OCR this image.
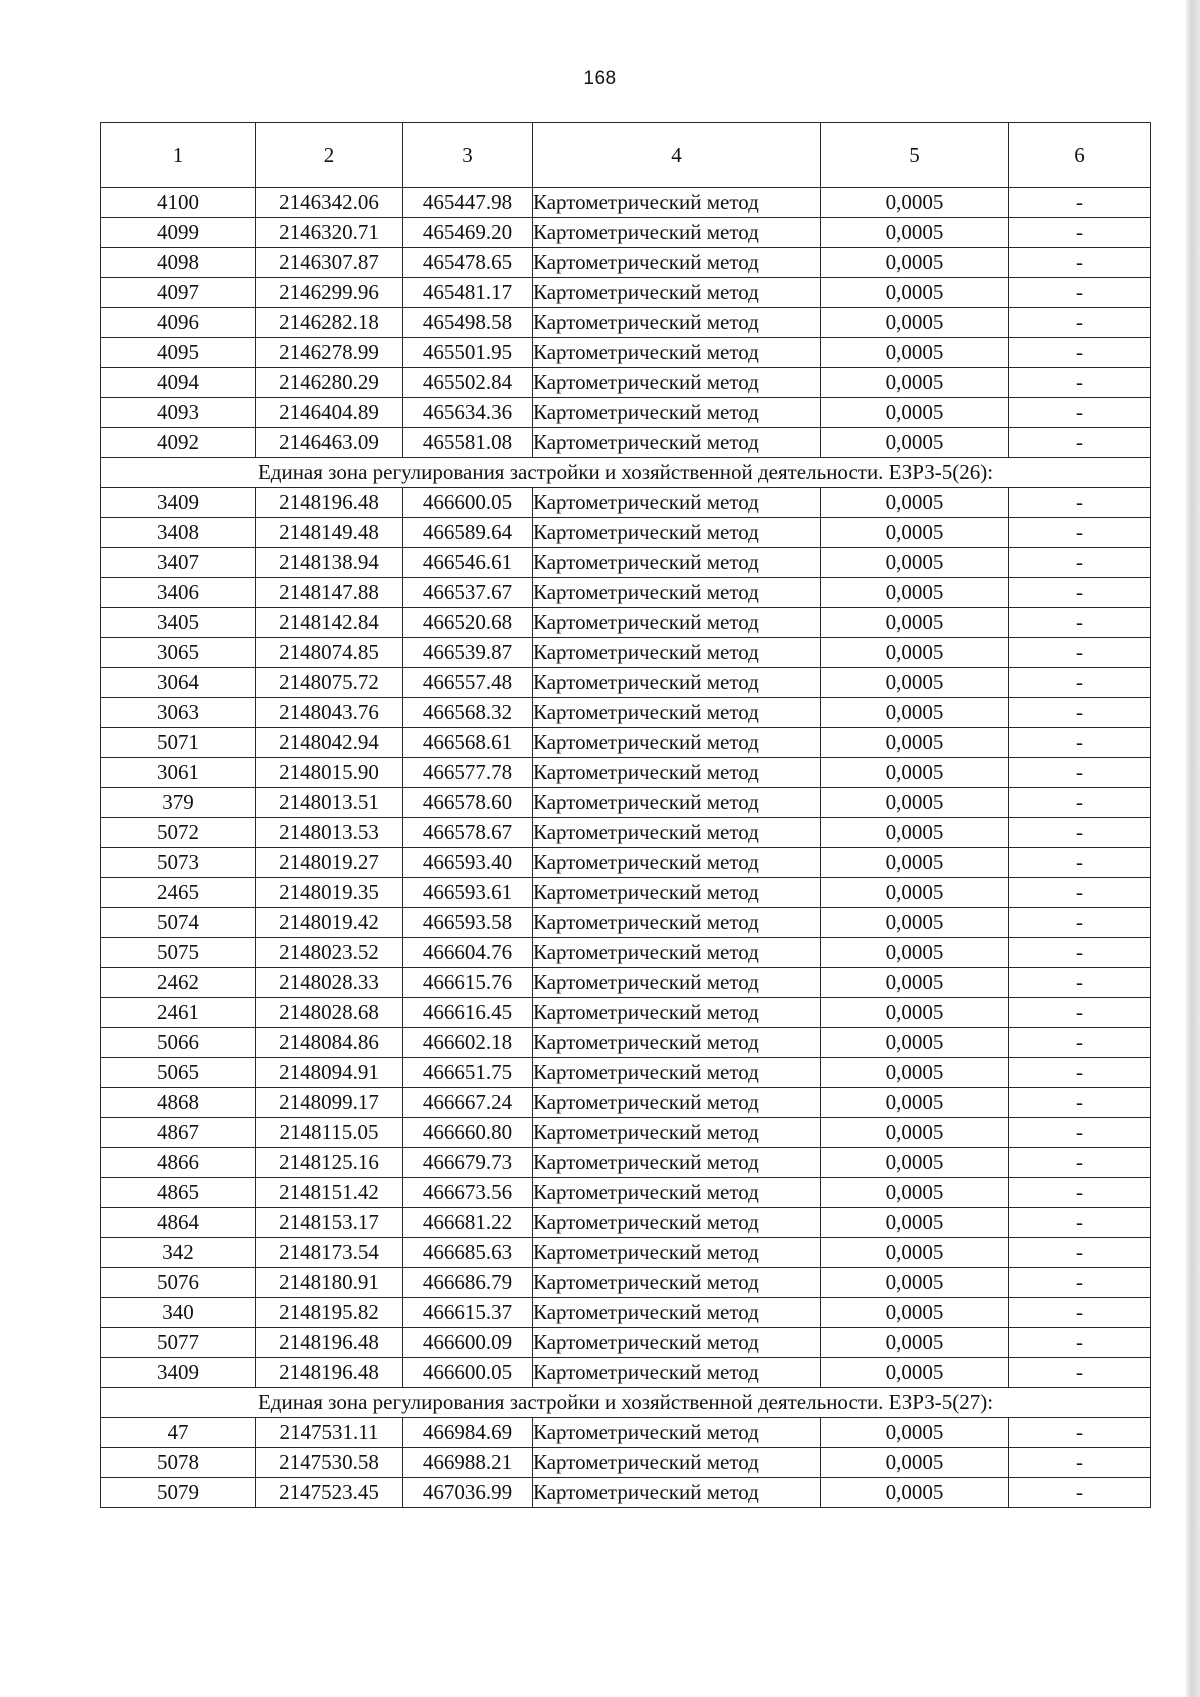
168
1	2	3	4	5	6
4100	2146342.06	465447.98	Картометрический метод	0,0005	-
4099	2146320.71	465469.20	Картометрический метод	0,0005	-
4098	2146307.87	465478.65	Картометрический метод	0,0005	-
4097	2146299.96	465481.17	Картометрический метод	0,0005	-
4096	2146282.18	465498.58	Картометрический метод	0,0005	-
4095	2146278.99	465501.95	Картометрический метод	0,0005	-
4094	2146280.29	465502.84	Картометрический метод	0,0005	-
4093	2146404.89	465634.36	Картометрический метод	0,0005	-
4092	2146463.09	465581.08	Картометрический метод	0,0005	-
Единая зона регулирования застройки и хозяйственной деятельности. ЕЗРЗ-5(26):					
3409	2148196.48	466600.05	Картометрический метод	0,0005	-
3408	2148149.48	466589.64	Картометрический метод	0,0005	-
3407	2148138.94	466546.61	Картометрический метод	0,0005	-
3406	2148147.88	466537.67	Картометрический метод	0,0005	-
3405	2148142.84	466520.68	Картометрический метод	0,0005	-
3065	2148074.85	466539.87	Картометрический метод	0,0005	-
3064	2148075.72	466557.48	Картометрический метод	0,0005	-
3063	2148043.76	466568.32	Картометрический метод	0,0005	-
5071	2148042.94	466568.61	Картометрический метод	0,0005	-
3061	2148015.90	466577.78	Картометрический метод	0,0005	-
379	2148013.51	466578.60	Картометрический метод	0,0005	-
5072	2148013.53	466578.67	Картометрический метод	0,0005	-
5073	2148019.27	466593.40	Картометрический метод	0,0005	-
2465	2148019.35	466593.61	Картометрический метод	0,0005	-
5074	2148019.42	466593.58	Картометрический метод	0,0005	-
5075	2148023.52	466604.76	Картометрический метод	0,0005	-
2462	2148028.33	466615.76	Картометрический метод	0,0005	-
2461	2148028.68	466616.45	Картометрический метод	0,0005	-
5066	2148084.86	466602.18	Картометрический метод	0,0005	-
5065	2148094.91	466651.75	Картометрический метод	0,0005	-
4868	2148099.17	466667.24	Картометрический метод	0,0005	-
4867	2148115.05	466660.80	Картометрический метод	0,0005	-
4866	2148125.16	466679.73	Картометрический метод	0,0005	-
4865	2148151.42	466673.56	Картометрический метод	0,0005	-
4864	2148153.17	466681.22	Картометрический метод	0,0005	-
342	2148173.54	466685.63	Картометрический метод	0,0005	-
5076	2148180.91	466686.79	Картометрический метод	0,0005	-
340	2148195.82	466615.37	Картометрический метод	0,0005	-
5077	2148196.48	466600.09	Картометрический метод	0,0005	-
3409	2148196.48	466600.05	Картометрический метод	0,0005	-
Единая зона регулирования застройки и хозяйственной деятельности. ЕЗРЗ-5(27):					
47	2147531.11	466984.69	Картометрический метод	0,0005	-
5078	2147530.58	466988.21	Картометрический метод	0,0005	-
5079	2147523.45	467036.99	Картометрический метод	0,0005	-
